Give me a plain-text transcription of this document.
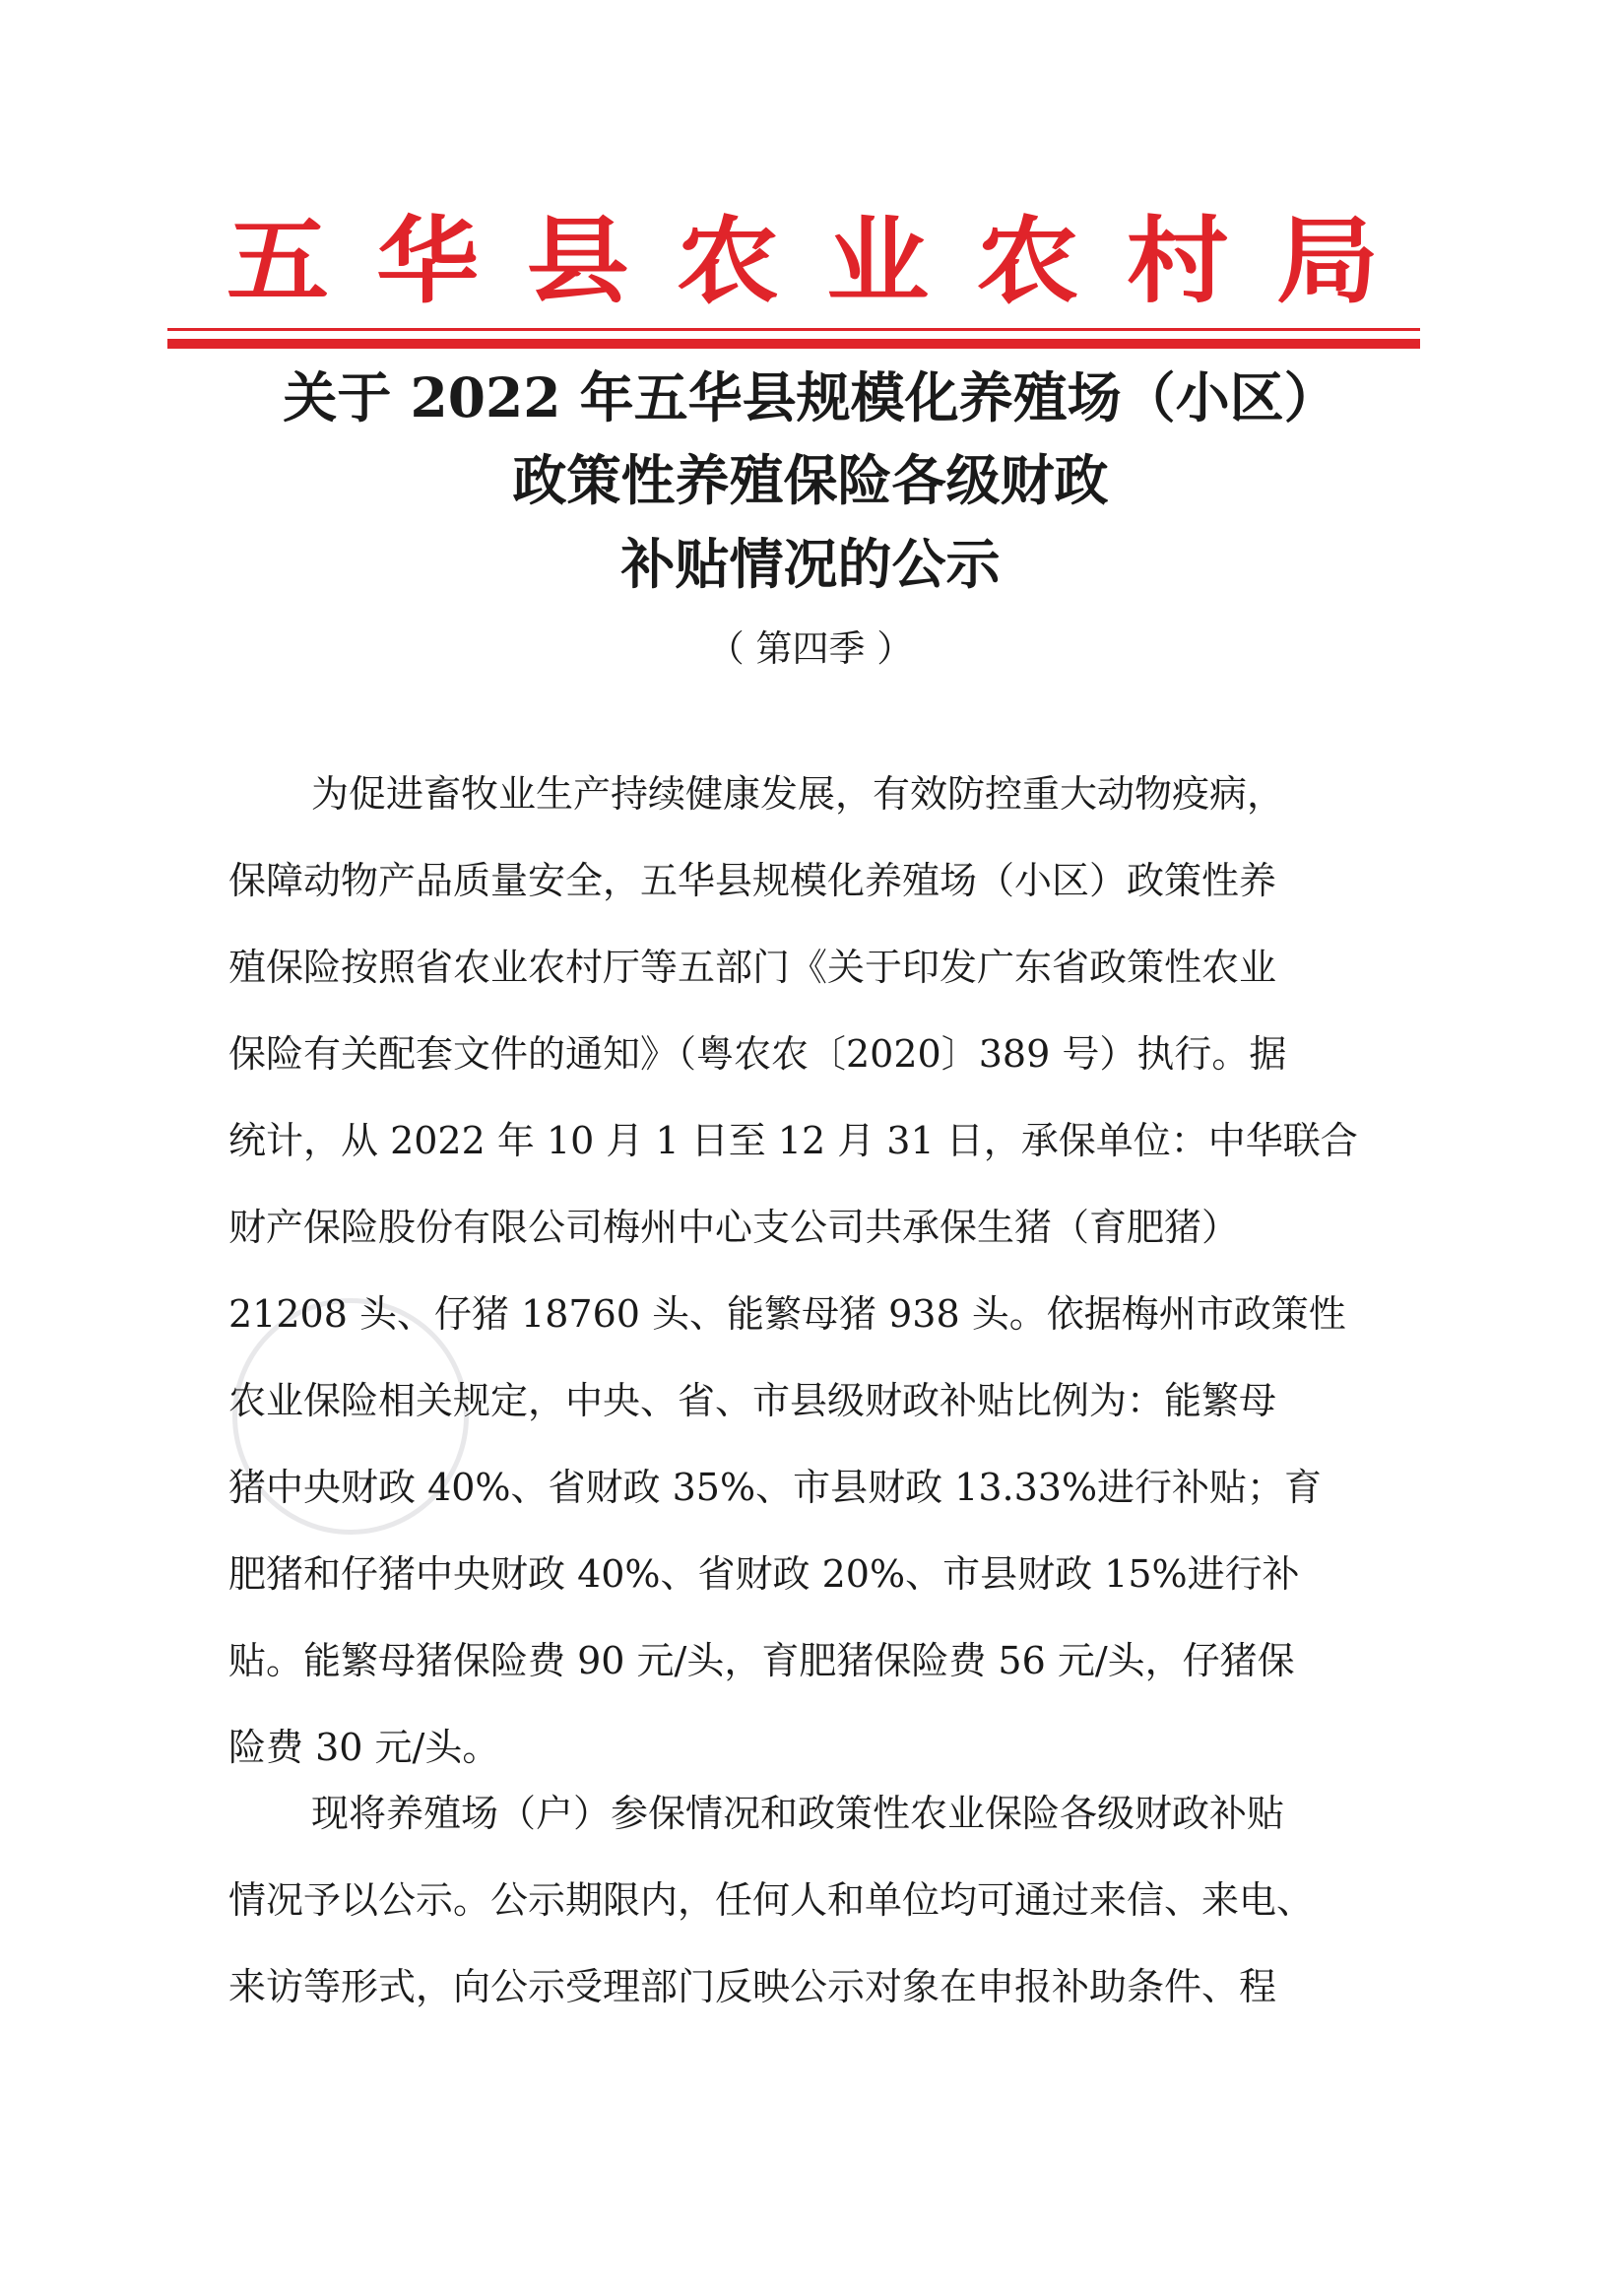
五 华 县 农 业 农 村 局
关于 2022 年五华县规模化养殖场（小区）
政策性养殖保险各级财政
补贴情况的公示
（ 第四季 ）
为促进畜牧业生产持续健康发展，有效防控重大动物疫病，
保障动物产品质量安全，五华县规模化养殖场（小区）政策性养
殖保险按照省农业农村厅等五部门《关于印发广东省政策性农业
保险有关配套文件的通知》（粤农农〔2020〕389 号）执行。据
统计，从 2022 年 10 月 1 日至 12 月 31 日，承保单位：中华联合
财产保险股份有限公司梅州中心支公司共承保生猪（育肥猪）
21208 头、仔猪 18760 头、能繁母猪 938 头。依据梅州市政策性
农业保险相关规定，中央、省、市县级财政补贴比例为：能繁母
猪中央财政 40%、省财政 35%、市县财政 13.33%进行补贴；育
肥猪和仔猪中央财政 40%、省财政 20%、市县财政 15%进行补
贴。能繁母猪保险费 90 元/头，育肥猪保险费 56 元/头，仔猪保
险费 30 元/头。
现将养殖场（户）参保情况和政策性农业保险各级财政补贴
情况予以公示。公示期限内，任何人和单位均可通过来信、来电、
来访等形式，向公示受理部门反映公示对象在申报补助条件、程
